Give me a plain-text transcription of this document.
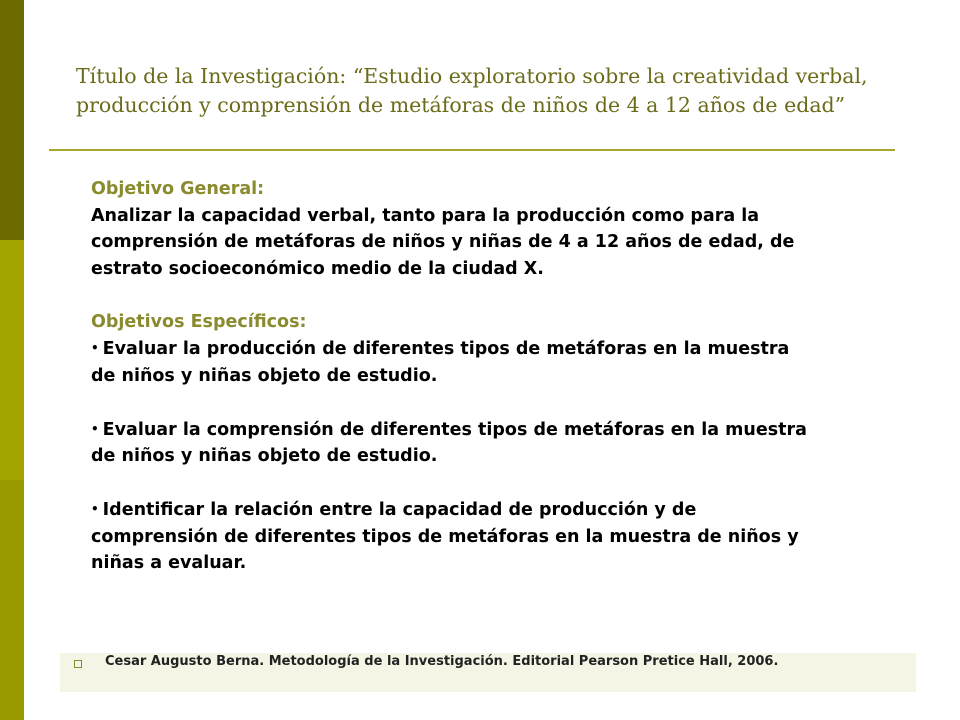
Título de la Investigación: “Estudio exploratorio sobre la creatividad verbal, producción y comprensión de metáforas de niños de 4 a 12 años de edad”
Objetivo General:
Analizar la capacidad verbal, tanto para la producción como para la comprensión de metáforas de niños y niñas de 4 a 12 años de edad, de estrato socioeconómico medio de la ciudad X.
Objetivos Específicos:
• Evaluar la producción de diferentes tipos de metáforas en la muestra de niños y niñas objeto de estudio.
• Evaluar la comprensión de diferentes tipos de metáforas en la muestra de niños y niñas objeto de estudio.
• Identificar la relación entre la capacidad de producción y de comprensión de diferentes tipos de metáforas en la muestra de niños y niñas a evaluar.
Cesar Augusto Berna. Metodología de la Investigación. Editorial Pearson Pretice Hall, 2006.
